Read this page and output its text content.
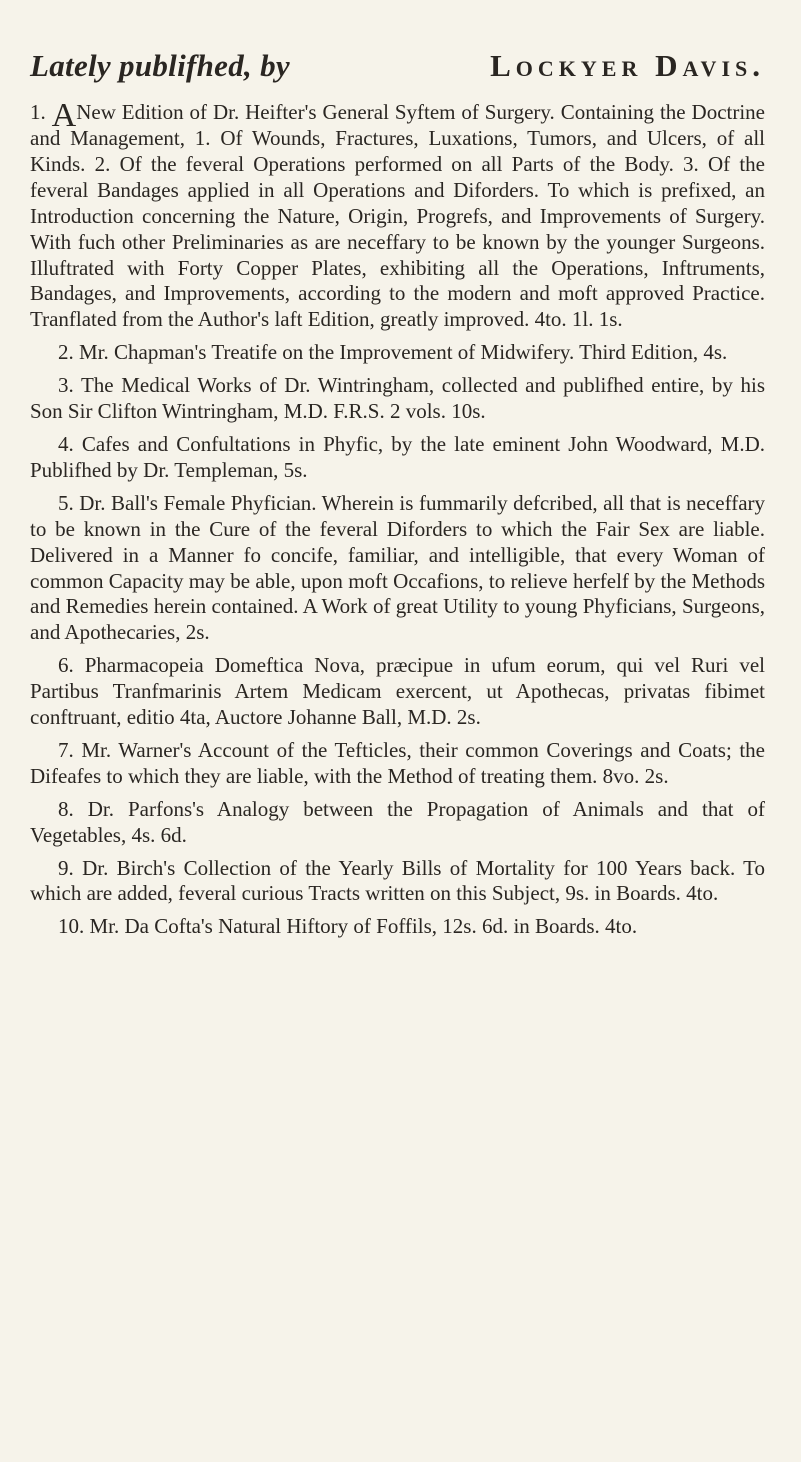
Lately publifhed, by	Lockyer Davis.

1. ANew Edition of Dr. Heifter's General Syftem of Surgery. Containing the Doctrine and Management, 1. Of Wounds, Fractures, Luxations, Tumors, and Ulcers, of all Kinds. 2. Of the feveral Operations performed on all Parts of the Body. 3. Of the feveral Bandages applied in all Operations and Diforders. To which is prefixed, an Introduction concerning the Nature, Origin, Progrefs, and Improvements of Surgery. With fuch other Preliminaries as are neceffary to be known by the younger Surgeons. Illuftrated with Forty Copper Plates, exhibiting all the Operations, Inftruments, Bandages, and Improvements, according to the modern and moft approved Practice. Tranflated from the Author's laft Edition, greatly improved. 4to. 1l. 1s.

2. Mr. Chapman's Treatife on the Improvement of Midwifery. Third Edition, 4s.

3. The Medical Works of Dr. Wintringham, collected and publifhed entire, by his Son Sir Clifton Wintringham, M.D. F.R.S. 2 vols. 10s.

4. Cafes and Confultations in Phyfic, by the late eminent John Woodward, M.D. Publifhed by Dr. Templeman, 5s.

5. Dr. Ball's Female Phyfician. Wherein is fummarily defcribed, all that is neceffary to be known in the Cure of the feveral Diforders to which the Fair Sex are liable. Delivered in a Manner fo concife, familiar, and intelligible, that every Woman of common Capacity may be able, upon moft Occafions, to relieve herfelf by the Methods and Remedies herein contained. A Work of great Utility to young Phyficians, Surgeons, and Apothecaries, 2s.

6. Pharmacopeia Domeftica Nova, præcipue in ufum eorum, qui vel Ruri vel Partibus Tranfmarinis Artem Medicam exercent, ut Apothecas, privatas fibimet conftruant, editio 4ta, Auctore Johanne Ball, M.D. 2s.

7. Mr. Warner's Account of the Tefticles, their common Coverings and Coats; the Difeafes to which they are liable, with the Method of treating them. 8vo. 2s.

8. Dr. Parfons's Analogy between the Propagation of Animals and that of Vegetables, 4s. 6d.

9. Dr. Birch's Collection of the Yearly Bills of Mortality for 100 Years back. To which are added, feveral curious Tracts written on this Subject, 9s. in Boards. 4to.

10. Mr. Da Cofta's Natural Hiftory of Foffils, 12s. 6d. in Boards. 4to.
